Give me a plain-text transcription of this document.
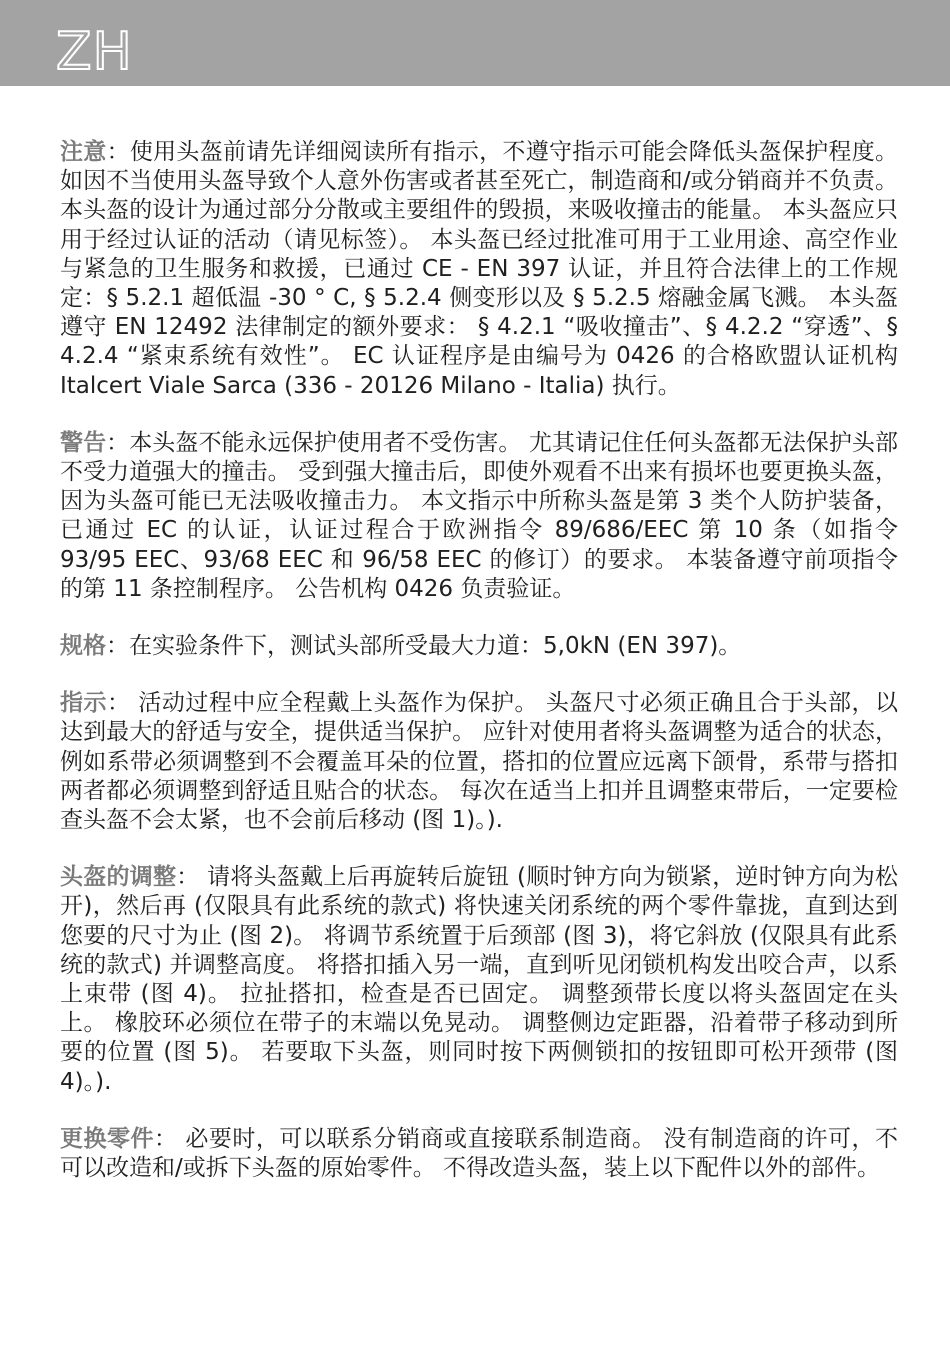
ZH

注意：使用头盔前请先详细阅读所有指示，不遵守指示可能会降低头盔保护程度。 如因不当使用头盔导致个人意外伤害或者甚至死亡，制造商和/或分销商并不负责。 本头盔的设计为通过部分分散或主要组件的毁损，来吸收撞击的能量。 本头盔应只用于经过认证的活动（请见标签）。 本头盔已经过批准可用于工业用途、高空作业与紧急的卫生服务和救援，已通过 CE - EN 397 认证，并且符合法律上的工作规定：§ 5.2.1 超低温 -30 ° C, § 5.2.4 侧变形以及 § 5.2.5 熔融金属飞溅。 本头盔遵守 EN 12492 法律制定的额外要求： § 4.2.1 “吸收撞击”、§ 4.2.2 “穿透”、§ 4.2.4 “紧束系统有效性”。 EC 认证程序是由编号为 0426 的合格欧盟认证机构 Italcert Viale Sarca (336 - 20126 Milano - Italia) 执行。

警告：本头盔不能永远保护使用者不受伤害。 尤其请记住任何头盔都无法保护头部不受力道强大的撞击。 受到强大撞击后，即使外观看不出来有损坏也要更换头盔，因为头盔可能已无法吸收撞击力。 本文指示中所称头盔是第 3 类个人防护装备，已通过 EC 的认证，认证过程合于欧洲指令 89/686/EEC 第 10 条（如指令 93/95 EEC、93/68 EEC 和 96/58 EEC 的修订）的要求。 本装备遵守前项指令的第 11 条控制程序。 公告机构 0426 负责验证。

规格：在实验条件下，测试头部所受最大力道：5,0kN (EN 397)。

指示： 活动过程中应全程戴上头盔作为保护。 头盔尺寸必须正确且合于头部，以达到最大的舒适与安全，提供适当保护。 应针对使用者将头盔调整为适合的状态，例如系带必须调整到不会覆盖耳朵的位置，搭扣的位置应远离下颌骨，系带与搭扣两者都必须调整到舒适且贴合的状态。 每次在适当上扣并且调整束带后，一定要检查头盔不会太紧，也不会前后移动 (图 1)。).

头盔的调整： 请将头盔戴上后再旋转后旋钮 (顺时钟方向为锁紧，逆时钟方向为松开)，然后再 (仅限具有此系统的款式) 将快速关闭系统的两个零件靠拢，直到达到您要的尺寸为止 (图 2)。 将调节系统置于后颈部 (图 3)，将它斜放 (仅限具有此系统的款式) 并调整高度。 将搭扣插入另一端，直到听见闭锁机构发出咬合声，以系上束带 (图 4)。 拉扯搭扣，检查是否已固定。 调整颈带长度以将头盔固定在头上。 橡胶环必须位在带子的末端以免晃动。 调整侧边定距器，沿着带子移动到所要的位置 (图 5)。 若要取下头盔，则同时按下两侧锁扣的按钮即可松开颈带 (图 4)。).

更换零件： 必要时，可以联系分销商或直接联系制造商。 没有制造商的许可，不可以改造和/或拆下头盔的原始零件。 不得改造头盔，装上以下配件以外的部件。
